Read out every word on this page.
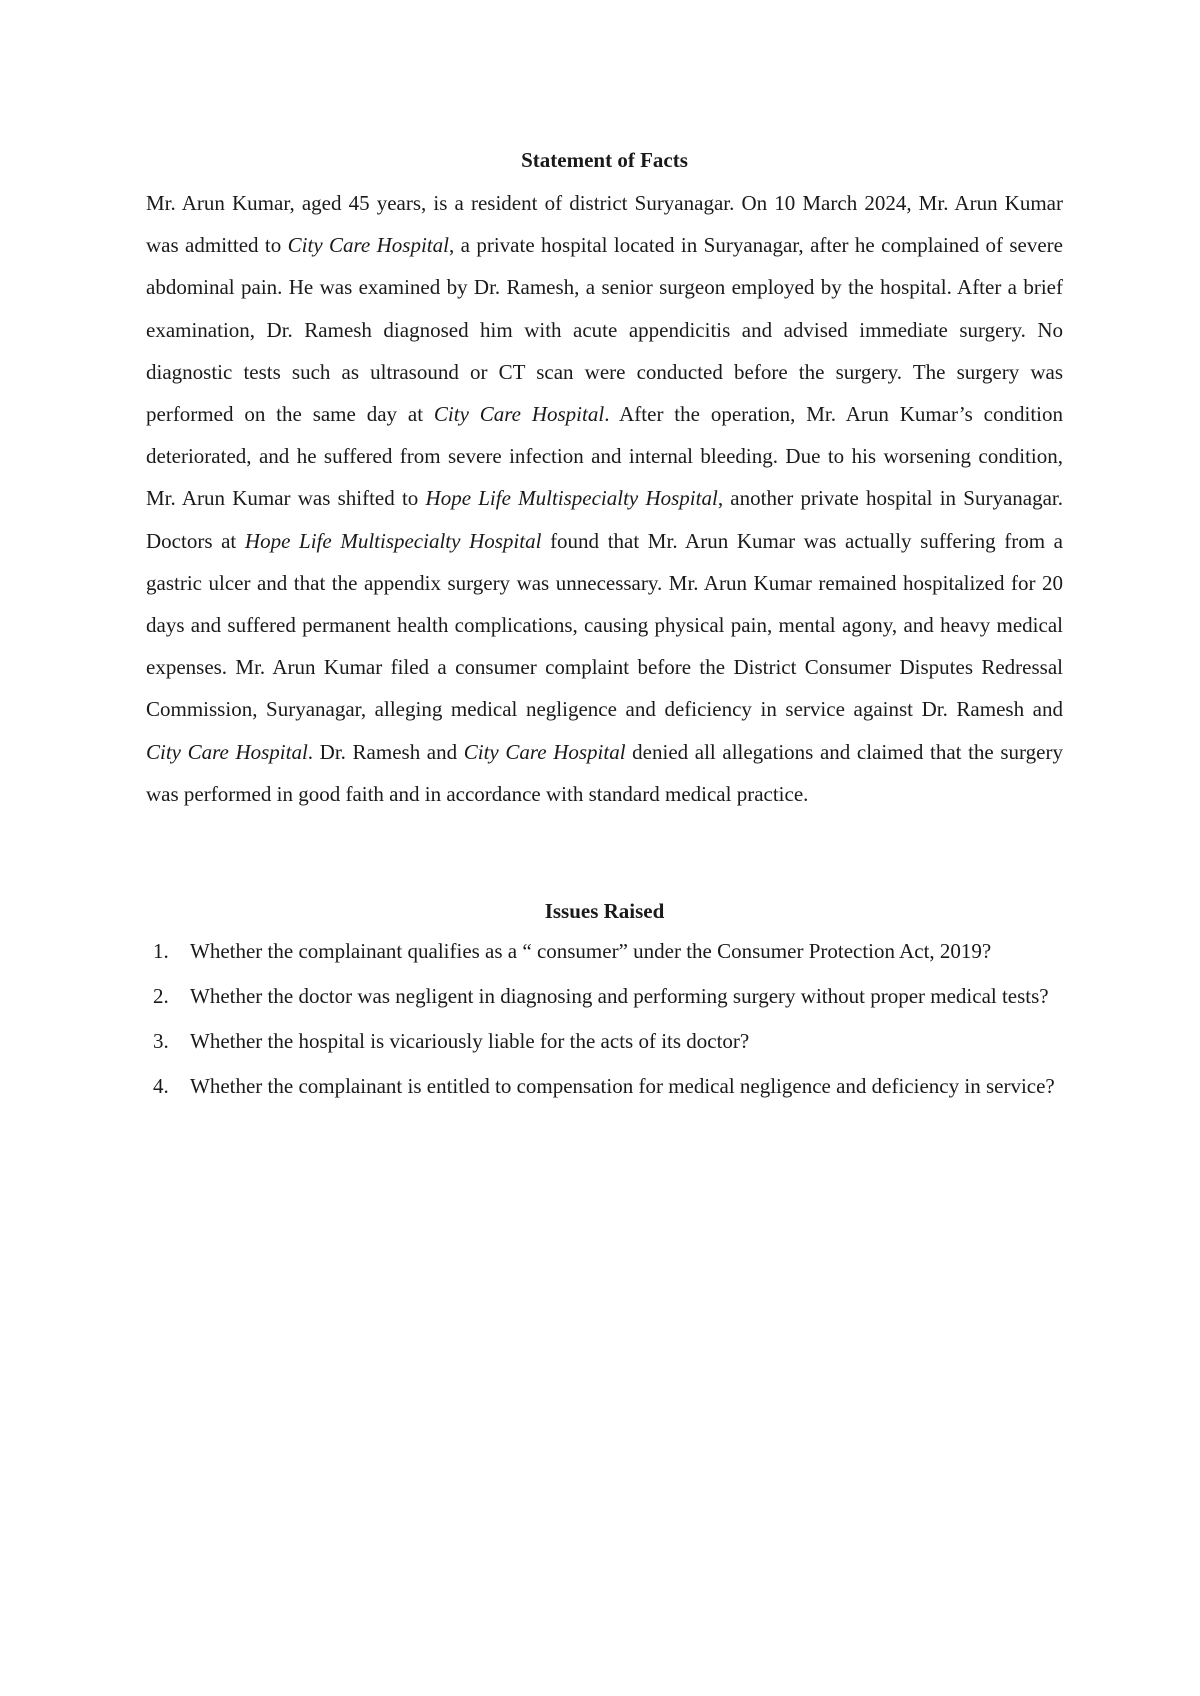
Statement of Facts

Mr. Arun Kumar, aged 45 years, is a resident of district Suryanagar. On 10 March 2024, Mr. Arun Kumar was admitted to City Care Hospital, a private hospital located in Suryanagar, after he complained of severe abdominal pain. He was examined by Dr. Ramesh, a senior surgeon employed by the hospital. After a brief examination, Dr. Ramesh diagnosed him with acute appendicitis and advised immediate surgery. No diagnostic tests such as ultrasound or CT scan were conducted before the surgery. The surgery was performed on the same day at City Care Hospital. After the operation, Mr. Arun Kumar’s condition deteriorated, and he suffered from severe infection and internal bleeding. Due to his worsening condition, Mr. Arun Kumar was shifted to Hope Life Multispecialty Hospital, another private hospital in Suryanagar. Doctors at Hope Life Multispecialty Hospital found that Mr. Arun Kumar was actually suffering from a gastric ulcer and that the appendix surgery was unnecessary. Mr. Arun Kumar remained hospitalized for 20 days and suffered permanent health complications, causing physical pain, mental agony, and heavy medical expenses. Mr. Arun Kumar filed a consumer complaint before the District Consumer Disputes Redressal Commission, Suryanagar, alleging medical negligence and deficiency in service against Dr. Ramesh and City Care Hospital. Dr. Ramesh and City Care Hospital denied all allegations and claimed that the surgery was performed in good faith and in accordance with standard medical practice.

Issues Raised
1.	Whether the complainant qualifies as a “ consumer” under the Consumer Protection Act, 2019?
2.	Whether the doctor was negligent in diagnosing and performing surgery without proper medical tests?
3.	Whether the hospital is vicariously liable for the acts of its doctor?
4.	Whether the complainant is entitled to compensation for medical negligence and deficiency in service?
